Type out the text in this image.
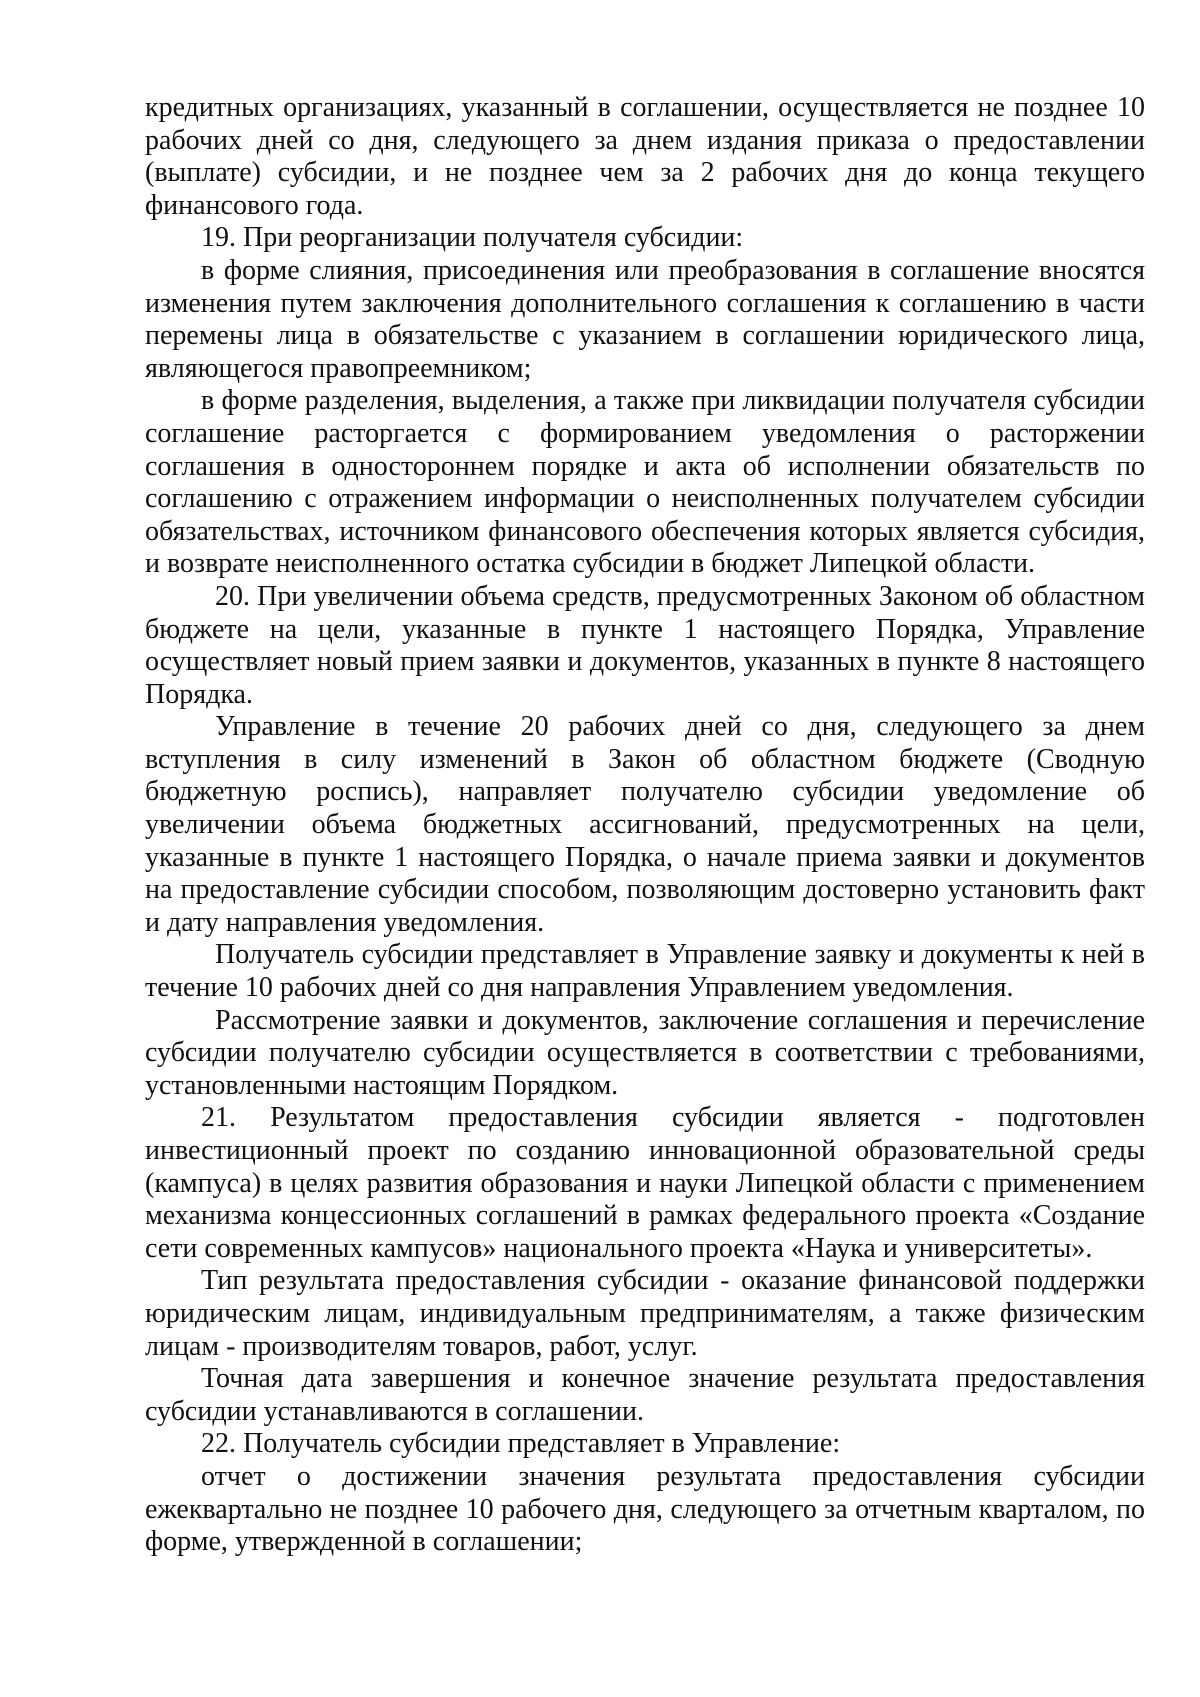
кредитных организациях, указанный в соглашении, осуществляется не позднее 10 рабочих дней со дня, следующего за днем издания приказа о предоставлении (выплате) субсидии, и не позднее чем за 2 рабочих дня до конца текущего финансового года.

19. При реорганизации получателя субсидии:

в форме слияния, присоединения или преобразования в соглашение вносятся изменения путем заключения дополнительного соглашения к соглашению в части перемены лица в обязательстве с указанием в соглашении юридического лица, являющегося правопреемником;

в форме разделения, выделения, а также при ликвидации получателя субсидии соглашение расторгается с формированием уведомления о расторжении соглашения в одностороннем порядке и акта об исполнении обязательств по соглашению с отражением информации о неисполненных получателем субсидии обязательствах, источником финансового обеспечения которых является субсидия, и возврате неисполненного остатка субсидии в бюджет Липецкой области.

20. При увеличении объема средств, предусмотренных Законом об областном бюджете на цели, указанные в пункте 1 настоящего Порядка, Управление осуществляет новый прием заявки и документов, указанных в пункте 8 настоящего Порядка.

Управление в течение 20 рабочих дней со дня, следующего за днем вступления в силу изменений в Закон об областном бюджете (Сводную бюджетную роспись), направляет получателю субсидии уведомление об увеличении объема бюджетных ассигнований, предусмотренных на цели, указанные в пункте 1 настоящего Порядка, о начале приема заявки и документов на предоставление субсидии способом, позволяющим достоверно установить факт и дату направления уведомления.

Получатель субсидии представляет в Управление заявку и документы к ней в течение 10 рабочих дней со дня направления Управлением уведомления.

Рассмотрение заявки и документов, заключение соглашения и перечисление субсидии получателю субсидии осуществляется в соответствии с требованиями, установленными настоящим Порядком.

21. Результатом предоставления субсидии является - подготовлен инвестиционный проект по созданию инновационной образовательной среды (кампуса) в целях развития образования и науки Липецкой области с применением механизма концессионных соглашений в рамках федерального проекта «Создание сети современных кампусов» национального проекта «Наука и университеты».

Тип результата предоставления субсидии - оказание финансовой поддержки юридическим лицам, индивидуальным предпринимателям, а также физическим лицам - производителям товаров, работ, услуг.

Точная дата завершения и конечное значение результата предоставления субсидии устанавливаются в соглашении.

22. Получатель субсидии представляет в Управление:

отчет о достижении значения результата предоставления субсидии ежеквартально не позднее 10 рабочего дня, следующего за отчетным кварталом, по форме, утвержденной в соглашении;
